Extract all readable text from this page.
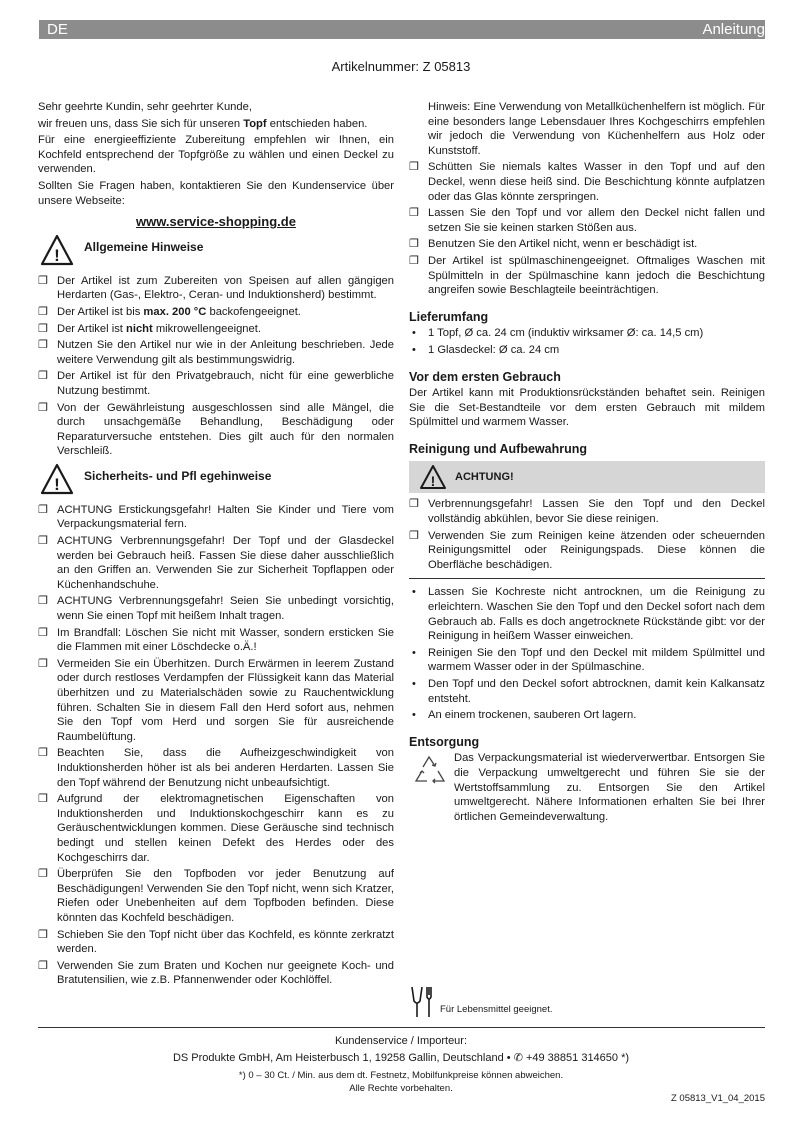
DE	Anleitung
Artikelnummer: Z 05813

Sehr geehrte Kundin, sehr geehrter Kunde,

wir freuen uns, dass Sie sich für unseren Topf entschieden haben.

Für eine energieeffiziente Zubereitung empfehlen wir Ihnen, ein Kochfeld entsprechend der Topfgröße zu wählen und einen Deckel zu verwenden.

Sollten Sie Fragen haben, kontaktieren Sie den Kundenservice über unsere Webseite:

www.service-shopping.de
! Allgemeine Hinweise
❐ Der Artikel ist zum Zubereiten von Speisen auf allen gängigen Herdarten (Gas-, Elektro-, Ceran- und Induktionsherd) bestimmt.
❐ Der Artikel ist bis max. 200 °C backofengeeignet.
❐ Der Artikel ist nicht mikrowellengeeignet.
❐ Nutzen Sie den Artikel nur wie in der Anleitung beschrieben. Jede weitere Verwendung gilt als bestimmungswidrig.
❐ Der Artikel ist für den Privatgebrauch, nicht für eine gewerbliche Nutzung bestimmt.
❐ Von der Gewährleistung ausgeschlossen sind alle Mängel, die durch unsachgemäße Behandlung, Beschädigung oder Reparaturversuche entstehen. Dies gilt auch für den normalen Verschleiß.
! Sicherheits- und Pfl egehinweise
❐ ACHTUNG Erstickungsgefahr! Halten Sie Kinder und Tiere vom Verpackungsmaterial fern.
❐ ACHTUNG Verbrennungsgefahr! Der Topf und der Glasdeckel werden bei Gebrauch heiß. Fassen Sie diese daher ausschließlich an den Griffen an. Verwenden Sie zur Sicherheit Topflappen oder Küchenhandschuhe.
❐ ACHTUNG Verbrennungsgefahr! Seien Sie unbedingt vorsichtig, wenn Sie einen Topf mit heißem Inhalt tragen.
❐ Im Brandfall: Löschen Sie nicht mit Wasser, sondern ersticken Sie die Flammen mit einer Löschdecke o.Ä.!
❐ Vermeiden Sie ein Überhitzen. Durch Erwärmen in leerem Zustand oder durch restloses Verdampfen der Flüssigkeit kann das Material überhitzen und zu Materialschäden sowie zu Rauchentwicklung führen. Schalten Sie in diesem Fall den Herd sofort aus, nehmen Sie den Topf vom Herd und sorgen Sie für ausreichende Raumbelüftung.
❐ Beachten Sie, dass die Aufheizgeschwindigkeit von Induktionsherden höher ist als bei anderen Herdarten. Lassen Sie den Topf während der Benutzung nicht unbeaufsichtigt.
❐ Aufgrund der elektromagnetischen Eigenschaften von Induktionsherden und Induktionskochgeschirr kann es zu Geräuschentwicklungen kommen. Diese Geräusche sind technisch bedingt und stellen keinen Defekt des Herdes oder des Kochgeschirrs dar.
❐ Überprüfen Sie den Topfboden vor jeder Benutzung auf Beschädigungen! Verwenden Sie den Topf nicht, wenn sich Kratzer, Riefen oder Unebenheiten auf dem Topfboden befinden. Diese könnten das Kochfeld beschädigen.
❐ Schieben Sie den Topf nicht über das Kochfeld, es könnte zerkratzt werden.
❐ Verwenden Sie zum Braten und Kochen nur geeignete Koch- und Bratutensilien, wie z.B. Pfannenwender oder Kochlöffel.

Hinweis: Eine Verwendung von Metallküchenhelfern ist möglich. Für eine besonders lange Lebensdauer Ihres Kochgeschirrs empfehlen wir jedoch die Verwendung von Küchenhelfern aus Holz oder Kunststoff.

❐ Schütten Sie niemals kaltes Wasser in den Topf und auf den Deckel, wenn diese heiß sind. Die Beschichtung könnte aufplatzen oder das Glas könnte zerspringen.
❐ Lassen Sie den Topf und vor allem den Deckel nicht fallen und setzen Sie sie keinen starken Stößen aus.
❐ Benutzen Sie den Artikel nicht, wenn er beschädigt ist.
❐ Der Artikel ist spülmaschinengeeignet. Oftmaliges Waschen mit Spülmitteln in der Spülmaschine kann jedoch die Beschichtung angreifen sowie Beschlagteile beeinträchtigen.
Lieferumfang
• 1 Topf, Ø ca. 24 cm (induktiv wirksamer Ø: ca. 14,5 cm)
• 1 Glasdeckel: Ø ca. 24 cm
Vor dem ersten Gebrauch

Der Artikel kann mit Produktionsrückständen behaftet sein. Reinigen Sie die Set-Bestandteile vor dem ersten Gebrauch mit mildem Spülmittel und warmem Wasser.

Reinigung und Aufbewahrung
! ACHTUNG!
❐ Verbrennungsgefahr! Lassen Sie den Topf und den Deckel vollständig abkühlen, bevor Sie diese reinigen.
❐ Verwenden Sie zum Reinigen keine ätzenden oder scheuernden Reinigungsmittel oder Reinigungspads. Diese können die Oberfläche beschädigen.
• Lassen Sie Kochreste nicht antrocknen, um die Reinigung zu erleichtern. Waschen Sie den Topf und den Deckel sofort nach dem Gebrauch ab. Falls es doch angetrocknete Rückstände gibt: vor der Reinigung in heißem Wasser einweichen.
• Reinigen Sie den Topf und den Deckel mit mildem Spülmittel und warmem Wasser oder in der Spülmaschine.
• Den Topf und den Deckel sofort abtrocknen, damit kein Kalkansatz entsteht.
• An einem trockenen, sauberen Ort lagern.
Entsorgung

Das Verpackungsmaterial ist wiederverwertbar. Entsorgen Sie die Verpackung umweltgerecht und führen Sie sie der Wertstoffsammlung zu. Entsorgen Sie den Artikel umweltgerecht. Nähere Informationen erhalten Sie bei Ihrer örtlichen Gemeindeverwaltung.

Für Lebensmittel geeignet.
Kundenservice / Importeur:
DS Produkte GmbH, Am Heisterbusch 1, 19258 Gallin, Deutschland • ✆ +49 38851 314650 *)
*) 0 – 30 Ct. / Min. aus dem dt. Festnetz, Mobilfunkpreise können abweichen.
Alle Rechte vorbehalten.
Z 05813_V1_04_2015
